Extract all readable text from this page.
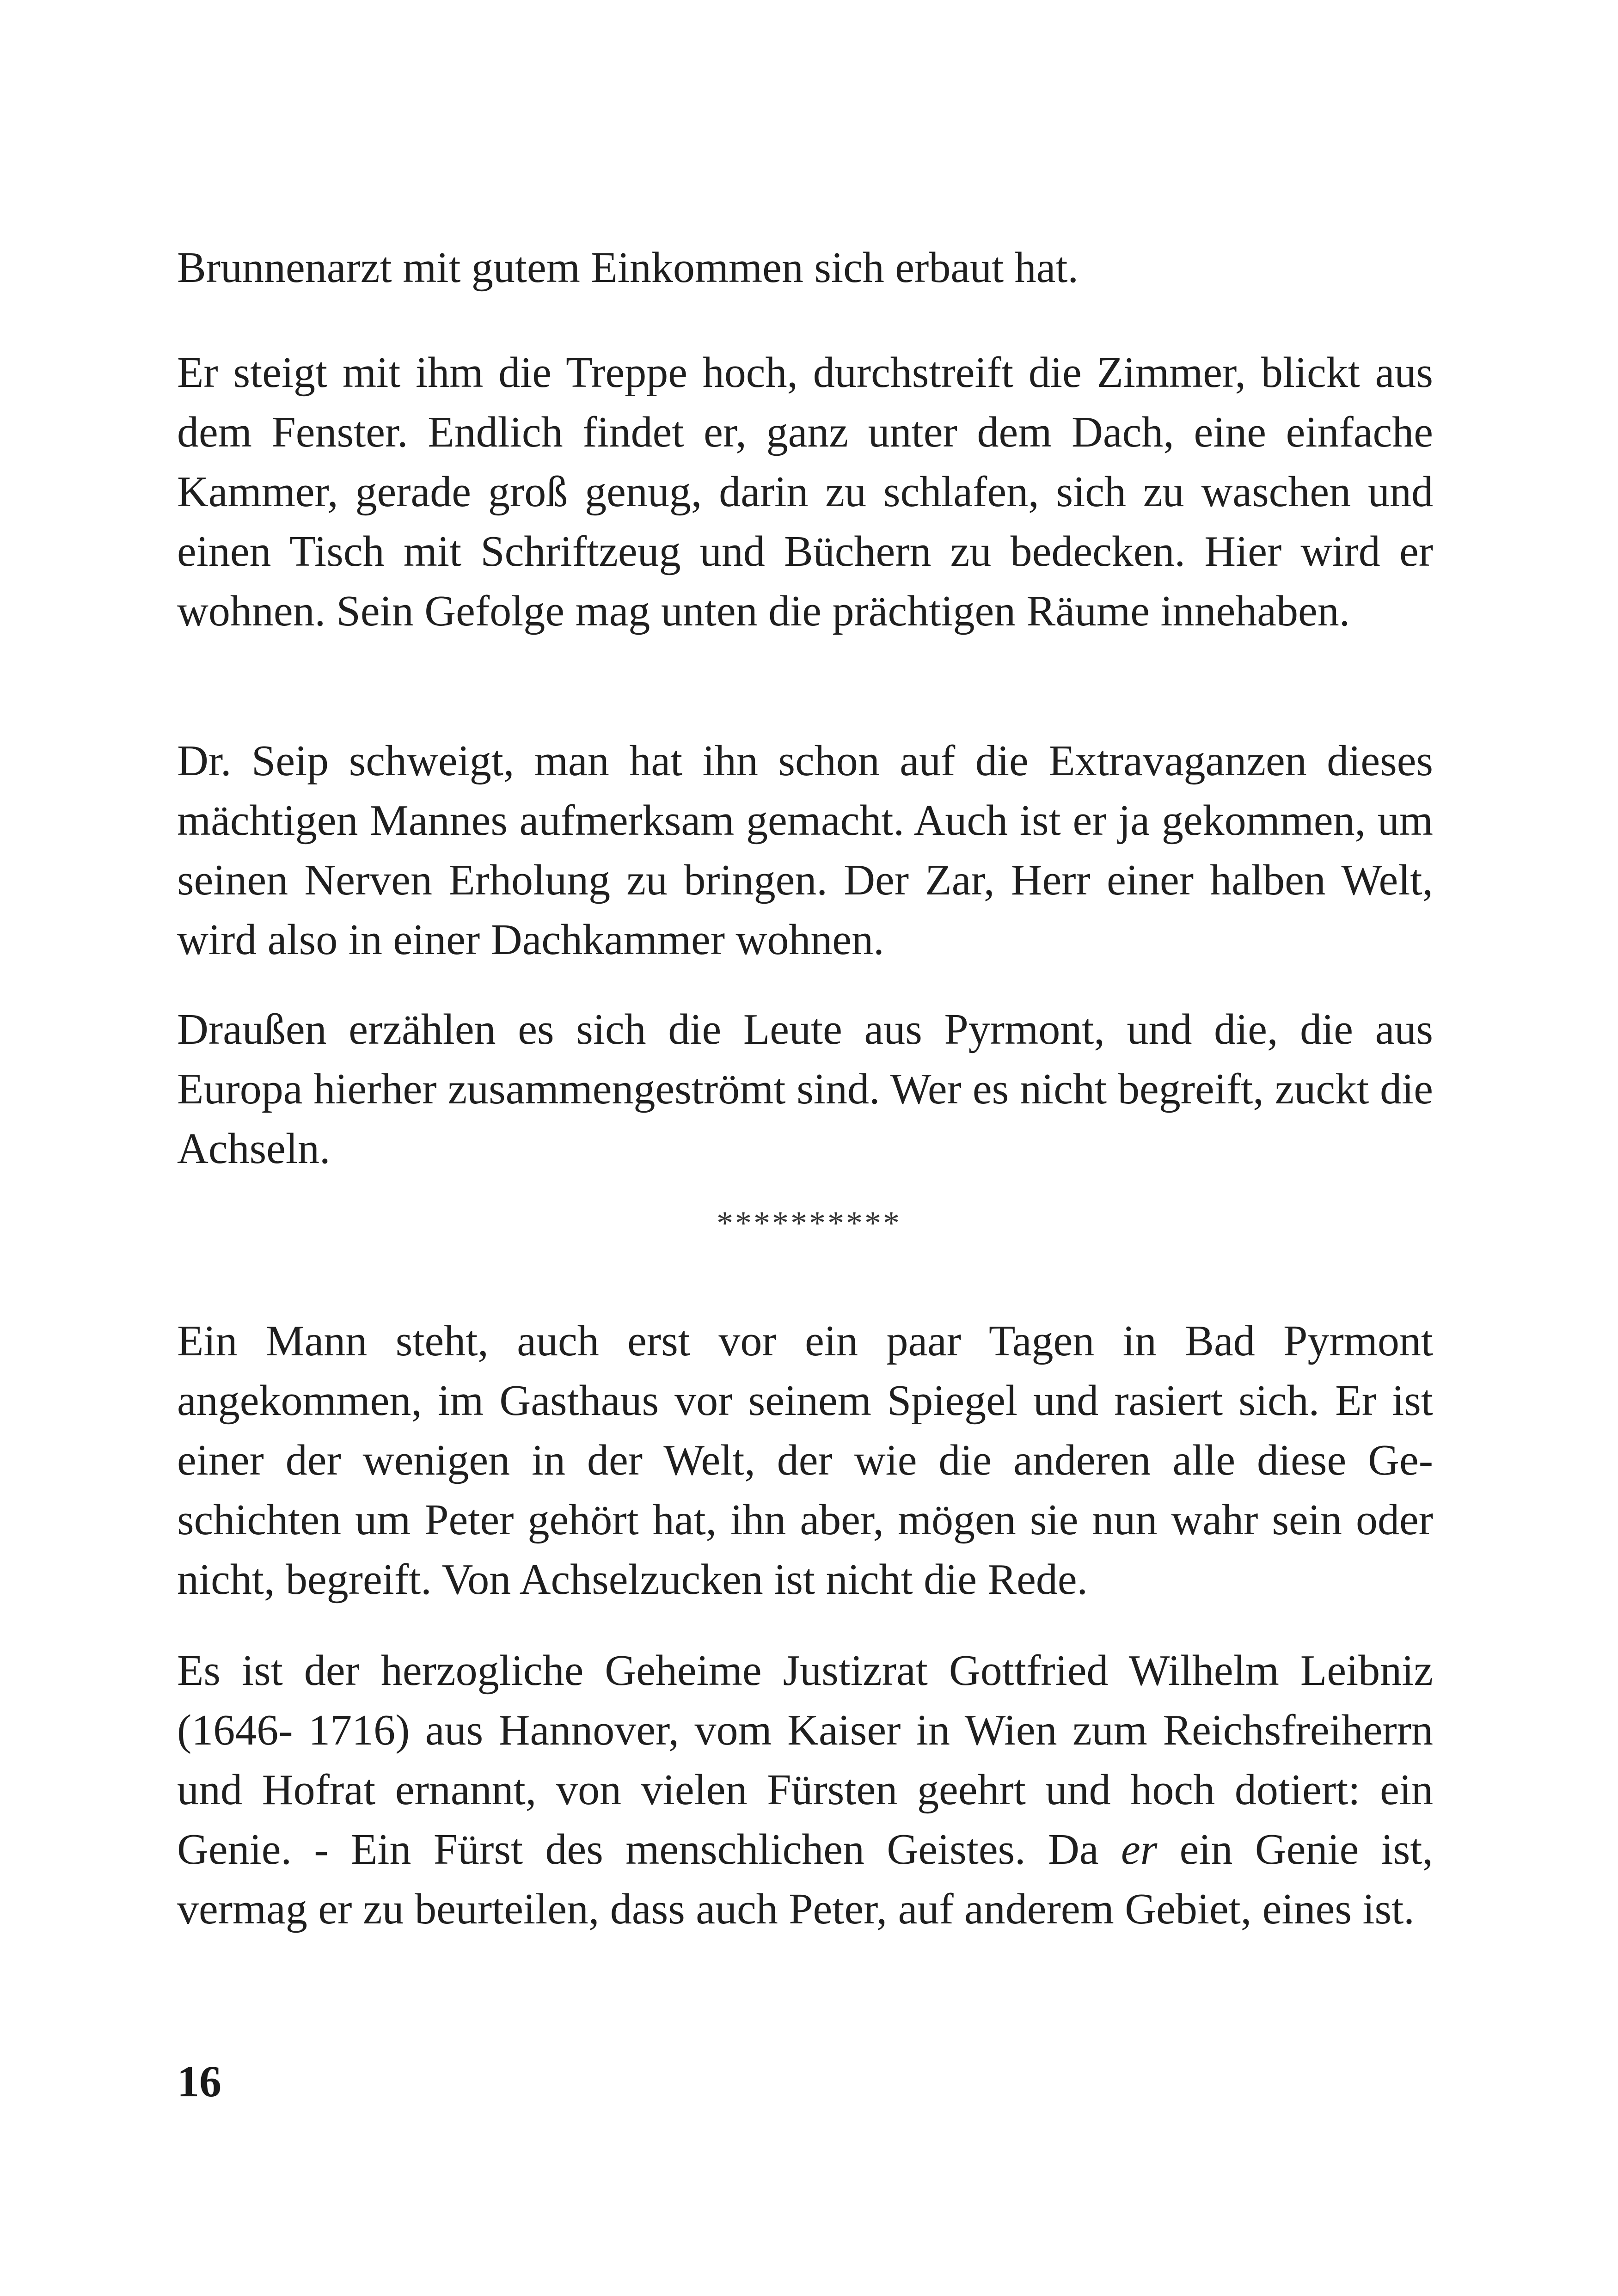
Brunnenarzt mit gutem Einkommen sich erbaut hat.

Er steigt mit ihm die Treppe hoch, durchstreift die Zimmer, blickt aus dem Fenster. Endlich findet er, ganz unter dem Dach, eine einfache Kammer, gerade groß genug, darin zu schlafen, sich zu waschen und einen Tisch mit Schriftzeug und Büchern zu bedecken. Hier wird er wohnen. Sein Gefolge mag unten die prächtigen Räume innehaben.

Dr. Seip schweigt, man hat ihn schon auf die Extravaganzen dieses mächtigen Mannes aufmerksam gemacht. Auch ist er ja gekommen, um seinen Nerven Erholung zu bringen. Der Zar, Herr einer halben Welt, wird also in einer Dachkammer wohnen.

Draußen erzählen es sich die Leute aus Pyrmont, und die, die aus Europa hierher zusammengeströmt sind. Wer es nicht begreift, zuckt die Achseln.

**********

Ein Mann steht, auch erst vor ein paar Tagen in Bad Pyrmont angekommen, im Gasthaus vor seinem Spiegel und rasiert sich. Er ist einer der wenigen in der Welt, der wie die anderen alle diese Geschichten um Peter gehört hat, ihn aber, mögen sie nun wahr sein oder nicht, begreift. Von Achselzucken ist nicht die Rede.

Es ist der herzogliche Geheime Justizrat Gottfried Wilhelm Leibniz (1646- 1716) aus Hannover, vom Kaiser in Wien zum Reichsfreiherrn und Hofrat ernannt, von vielen Fürsten geehrt und hoch dotiert: ein Genie. - Ein Fürst des menschlichen Geistes. Da er ein Genie ist, vermag er zu beurteilen, dass auch Peter, auf anderem Gebiet, eines ist.

16
